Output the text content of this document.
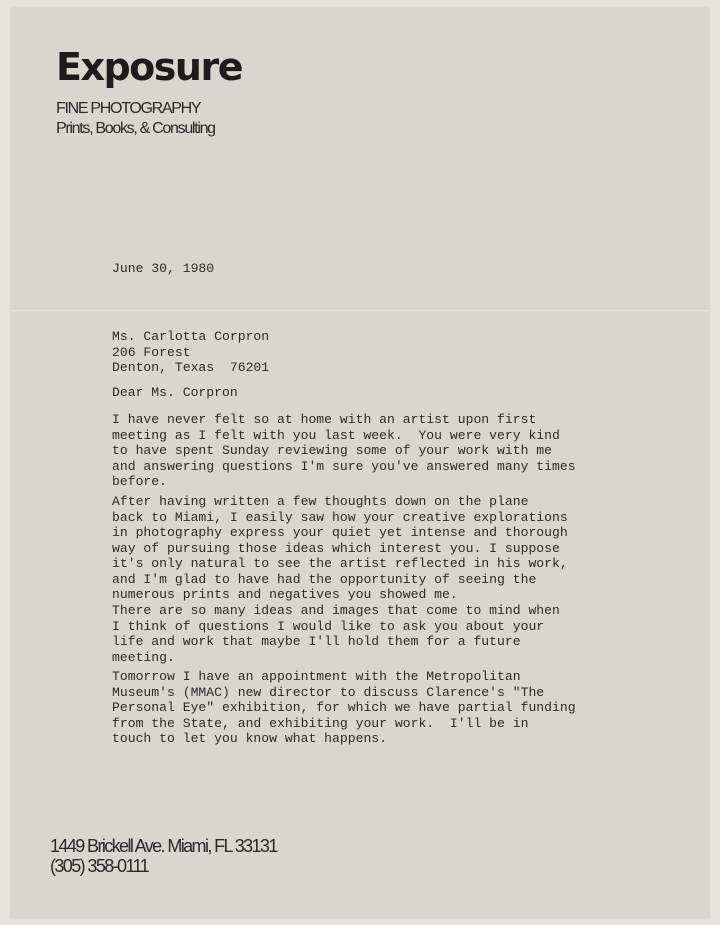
Exposure
FINE PHOTOGRAPHY
Prints, Books, & Consulting
June 30, 1980
Ms. Carlotta Corpron
206 Forest
Denton, Texas  76201
Dear Ms. Corpron
I have never felt so at home with an artist upon first
meeting as I felt with you last week.  You were very kind
to have spent Sunday reviewing some of your work with me
and answering questions I'm sure you've answered many times
before.
After having written a few thoughts down on the plane
back to Miami, I easily saw how your creative explorations
in photography express your quiet yet intense and thorough
way of pursuing those ideas which interest you. I suppose
it's only natural to see the artist reflected in his work,
and I'm glad to have had the opportunity of seeing the
numerous prints and negatives you showed me.
There are so many ideas and images that come to mind when
I think of questions I would like to ask you about your
life and work that maybe I'll hold them for a future
meeting.
Tomorrow I have an appointment with the Metropolitan
Museum's (MMAC) new director to discuss Clarence's "The
Personal Eye" exhibition, for which we have partial funding
from the State, and exhibiting your work.  I'll be in
touch to let you know what happens.
1449 Brickell Ave. Miami, FL 33131
(305) 358-0111
